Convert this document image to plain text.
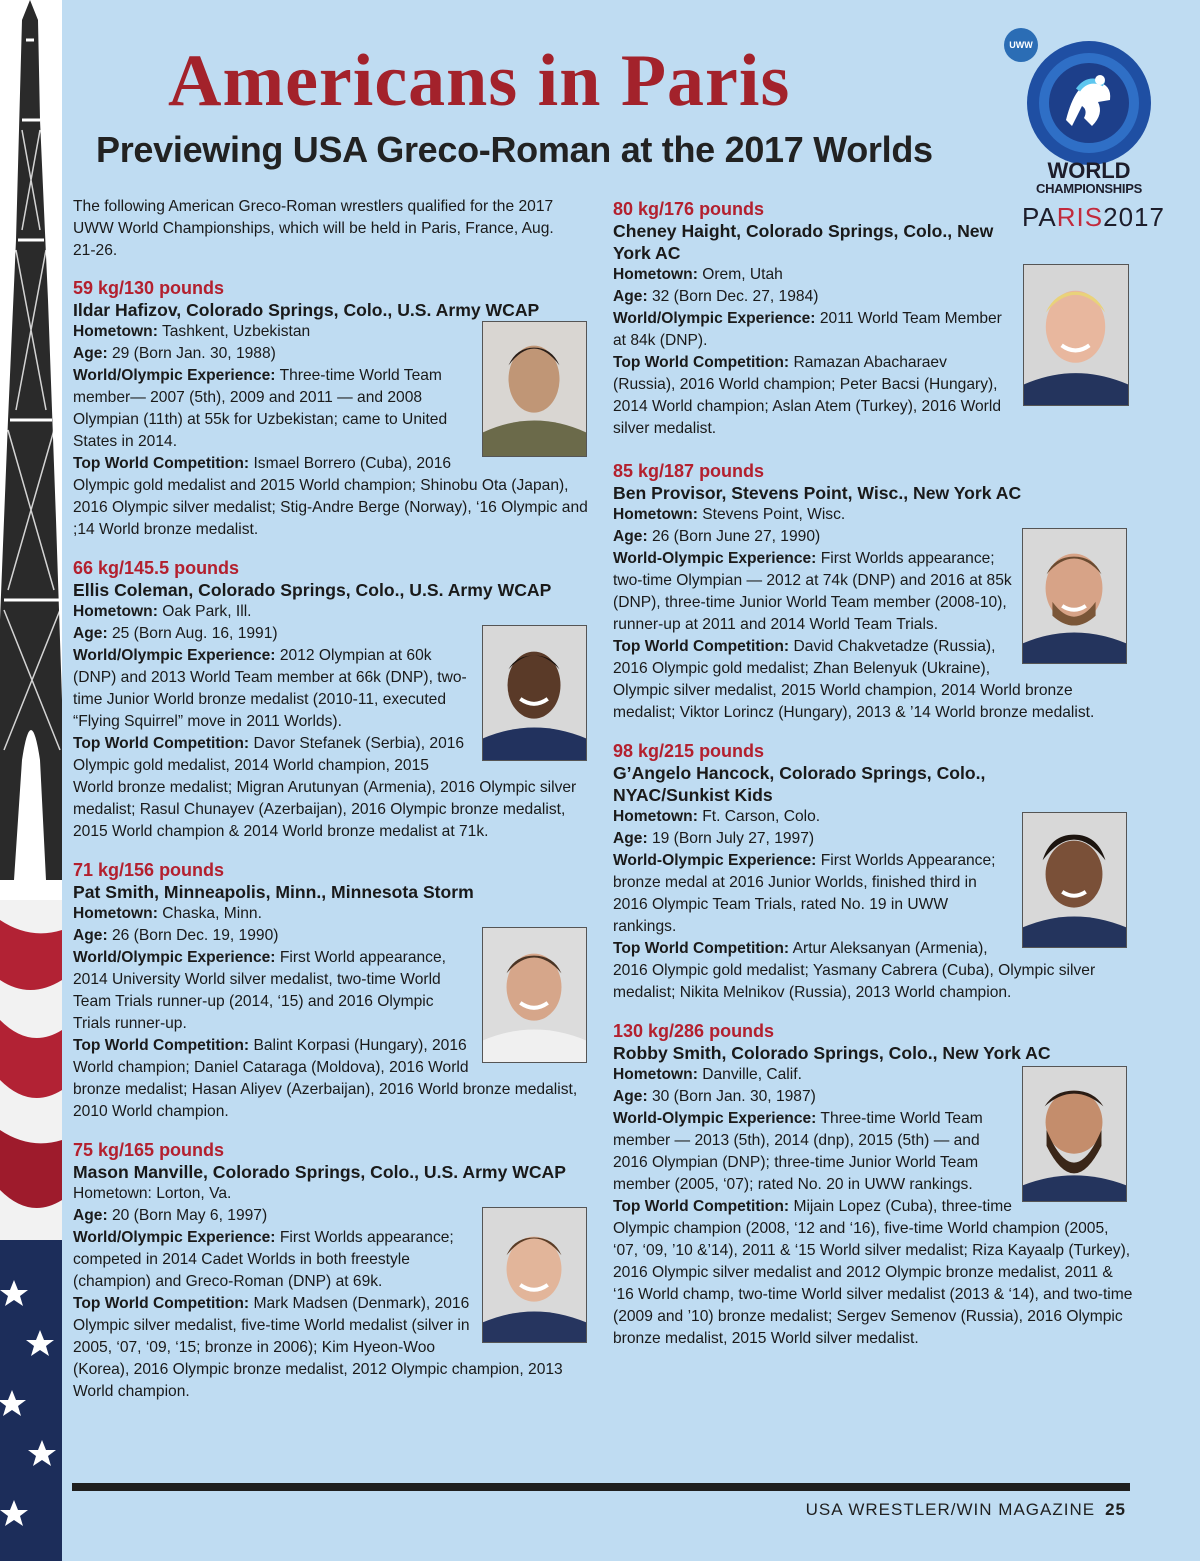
Americans in Paris
Previewing USA Greco-Roman at the 2017 Worlds
UWW
WORLD
CHAMPIONSHIPS
PARIS2017

The following American Greco-Roman wrestlers qualified for the 2017 UWW World Championships, which will be held in Paris, France, Aug. 21-26.

59 kg/130 pounds
Ildar Hafizov, Colorado Springs, Colo., U.S. Army WCAP
Hometown: Tashkent, Uzbekistan
Age: 29 (Born Jan. 30, 1988)
World/Olympic Experience: Three-time World Team member— 2007 (5th), 2009 and 2011 — and 2008 Olympian (11th) at 55k for Uzbekistan; came to United States in 2014.
Top World Competition: Ismael Borrero (Cuba), 2016 Olympic gold medalist and 2015 World champion; Shinobu Ota (Japan), 2016 Olympic silver medalist; Stig-Andre Berge (Norway), ‘16 Olympic and ;14 World bronze medalist.
66 kg/145.5 pounds
Ellis Coleman, Colorado Springs, Colo., U.S. Army WCAP
Hometown: Oak Park, Ill.
Age: 25 (Born Aug. 16, 1991)
World/Olympic Experience: 2012 Olympian at 60k (DNP) and 2013 World Team member at 66k (DNP), two-time Junior World bronze medalist (2010-11, executed “Flying Squirrel” move in 2011 Worlds).
Top World Competition: Davor Stefanek (Serbia), 2016 Olympic gold medalist, 2014 World champion, 2015 World bronze medalist; Migran Arutunyan (Armenia), 2016 Olympic silver medalist; Rasul Chunayev (Azerbaijan), 2016 Olympic bronze medalist, 2015 World champion & 2014 World bronze medalist at 71k.
71 kg/156 pounds
Pat Smith, Minneapolis, Minn., Minnesota Storm
Hometown: Chaska, Minn.
Age: 26 (Born Dec. 19, 1990)
World/Olympic Experience: First World appearance, 2014 University World silver medalist, two-time World Team Trials runner-up (2014, ‘15) and 2016 Olympic Trials runner-up.
Top World Competition: Balint Korpasi (Hungary), 2016 World champion; Daniel Cataraga (Moldova), 2016 World bronze medalist; Hasan Aliyev (Azerbaijan), 2016 World bronze medalist, 2010 World champion.
75 kg/165 pounds
Mason Manville, Colorado Springs, Colo., U.S. Army WCAP
Hometown: Lorton, Va.
Age: 20 (Born May 6, 1997)
World/Olympic Experience: First Worlds appearance; competed in 2014 Cadet Worlds in both freestyle (champion) and Greco-Roman (DNP) at 69k.
Top World Competition: Mark Madsen (Denmark), 2016 Olympic silver medalist, five-time World medalist (silver in 2005, ‘07, ‘09, ‘15; bronze in 2006); Kim Hyeon-Woo (Korea), 2016 Olympic bronze medalist, 2012 Olympic champion, 2013 World champion.
80 kg/176 pounds
Cheney Haight, Colorado Springs, Colo., New York AC
Hometown: Orem, Utah
Age: 32 (Born Dec. 27, 1984)
World/Olympic Experience: 2011 World Team Member at 84k (DNP).
Top World Competition: Ramazan Abacharaev (Russia), 2016 World champion; Peter Bacsi (Hungary), 2014 World champion; Aslan Atem (Turkey), 2016 World silver medalist.
85 kg/187 pounds
Ben Provisor, Stevens Point, Wisc., New York AC
Hometown: Stevens Point, Wisc.
Age: 26 (Born June 27, 1990)
World-Olympic Experience: First Worlds appearance; two-time Olympian — 2012 at 74k (DNP) and 2016 at 85k (DNP), three-time Junior World Team member (2008-10), runner-up at 2011 and 2014 World Team Trials.
Top World Competition: David Chakvetadze (Russia), 2016 Olympic gold medalist; Zhan Belenyuk (Ukraine), Olympic silver medalist, 2015 World champion, 2014 World bronze medalist; Viktor Lorincz (Hungary), 2013 & ’14 World bronze medalist.
98 kg/215 pounds
G’Angelo Hancock, Colorado Springs, Colo., NYAC/Sunkist Kids
Hometown: Ft. Carson, Colo.
Age: 19 (Born July 27, 1997)
World-Olympic Experience: First Worlds Appearance; bronze medal at 2016 Junior Worlds, finished third in 2016 Olympic Team Trials, rated No. 19 in UWW rankings.
Top World Competition: Artur Aleksanyan (Armenia), 2016 Olympic gold medalist; Yasmany Cabrera (Cuba), Olympic silver medalist; Nikita Melnikov (Russia), 2013 World champion.
130 kg/286 pounds
Robby Smith, Colorado Springs, Colo., New York AC
Hometown: Danville, Calif.
Age: 30 (Born Jan. 30, 1987)
World-Olympic Experience: Three-time World Team member — 2013 (5th), 2014 (dnp), 2015 (5th) — and 2016 Olympian (DNP); three-time Junior World Team member (2005, ‘07); rated No. 20 in UWW rankings.
Top World Competition: Mijain Lopez (Cuba), three-time Olympic champion (2008, ‘12 and ‘16), five-time World champion (2005, ‘07, ‘09, ’10 &’14), 2011 & ‘15 World silver medalist; Riza Kayaalp (Turkey), 2016 Olympic silver medalist and 2012 Olympic bronze medalist, 2011 & ‘16 World champ, two-time World silver medalist (2013 & ‘14), and two-time (2009 and ’10) bronze medalist; Sergev Semenov (Russia), 2016 Olympic bronze medalist, 2015 World silver medalist.
USA WRESTLER/WIN MAGAZINE 25
